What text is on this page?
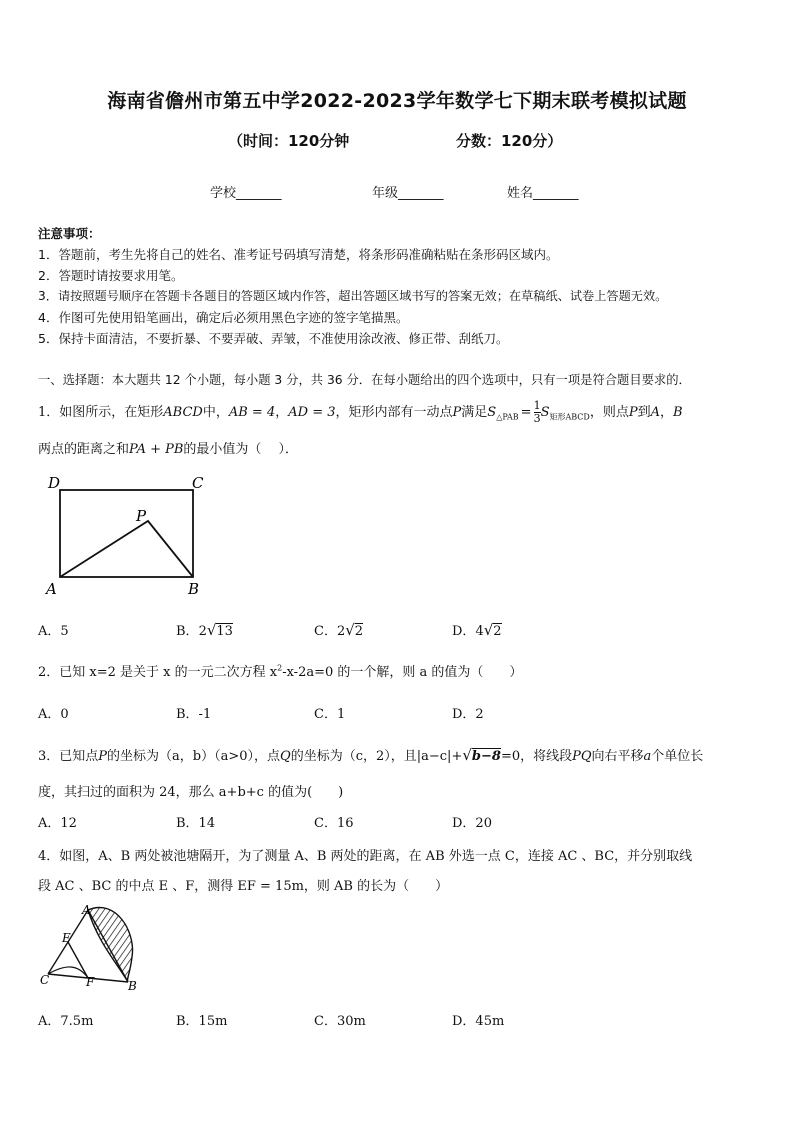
海南省儋州市第五中学2022-2023学年数学七下期末联考模拟试题
（时间：120分钟	分数：120分）
学校_______	年级_______	姓名_______
注意事项：
1．答题前，考生先将自己的姓名、准考证号码填写清楚，将条形码准确粘贴在条形码区域内。
2．答题时请按要求用笔。
3．请按照题号顺序在答题卡各题目的答题区域内作答，超出答题区域书写的答案无效；在草稿纸、试卷上答题无效。
4．作图可先使用铅笔画出，确定后必须用黑色字迹的签字笔描黑。
5．保持卡面清洁，不要折暴、不要弄破、弄皱，不准使用涂改液、修正带、刮纸刀。
一、选择题：本大题共 12 个小题，每小题 3 分，共 36 分．在每小题给出的四个选项中，只有一项是符合题目要求的．
1．如图所示，在矩形ABCD中，AB = 4，AD = 3，矩形内部有一动点P满足$S_{\triangle PAB} = \frac{1}{3} S_{矩形ABCD}$，则点P到A，B
两点的距离之和PA + PB的最小值为（　 ）．
D	C
P
A	B
A．5	B．2√13	C．2√2	D．4√2
2．已知 x=2 是关于 x 的一元二次方程 $x^2-x-2a=0$ 的一个解，则 a 的值为（　　）
A．0	B．-1	C．1	D．2
3．已知点P的坐标为（a，b）（a>0），点Q的坐标为（c，2），且|a−c|+√b−8=0，将线段PQ向右平移a个单位长
度，其扫过的面积为 24，那么 a+b+c 的值为(　　)
A．12	B．14	C．16	D．20
4．如图，A、B 两处被池塘隔开，为了测量 A、B 两处的距离，在 AB 外选一点 C，连接 AC 、BC，并分别取线
段 AC 、BC 的中点 E 、F，测得 EF = 15m，则 AB 的长为（　　）
A
E
C	F	B
A．7.5m	B．15m	C．30m	D．45m
